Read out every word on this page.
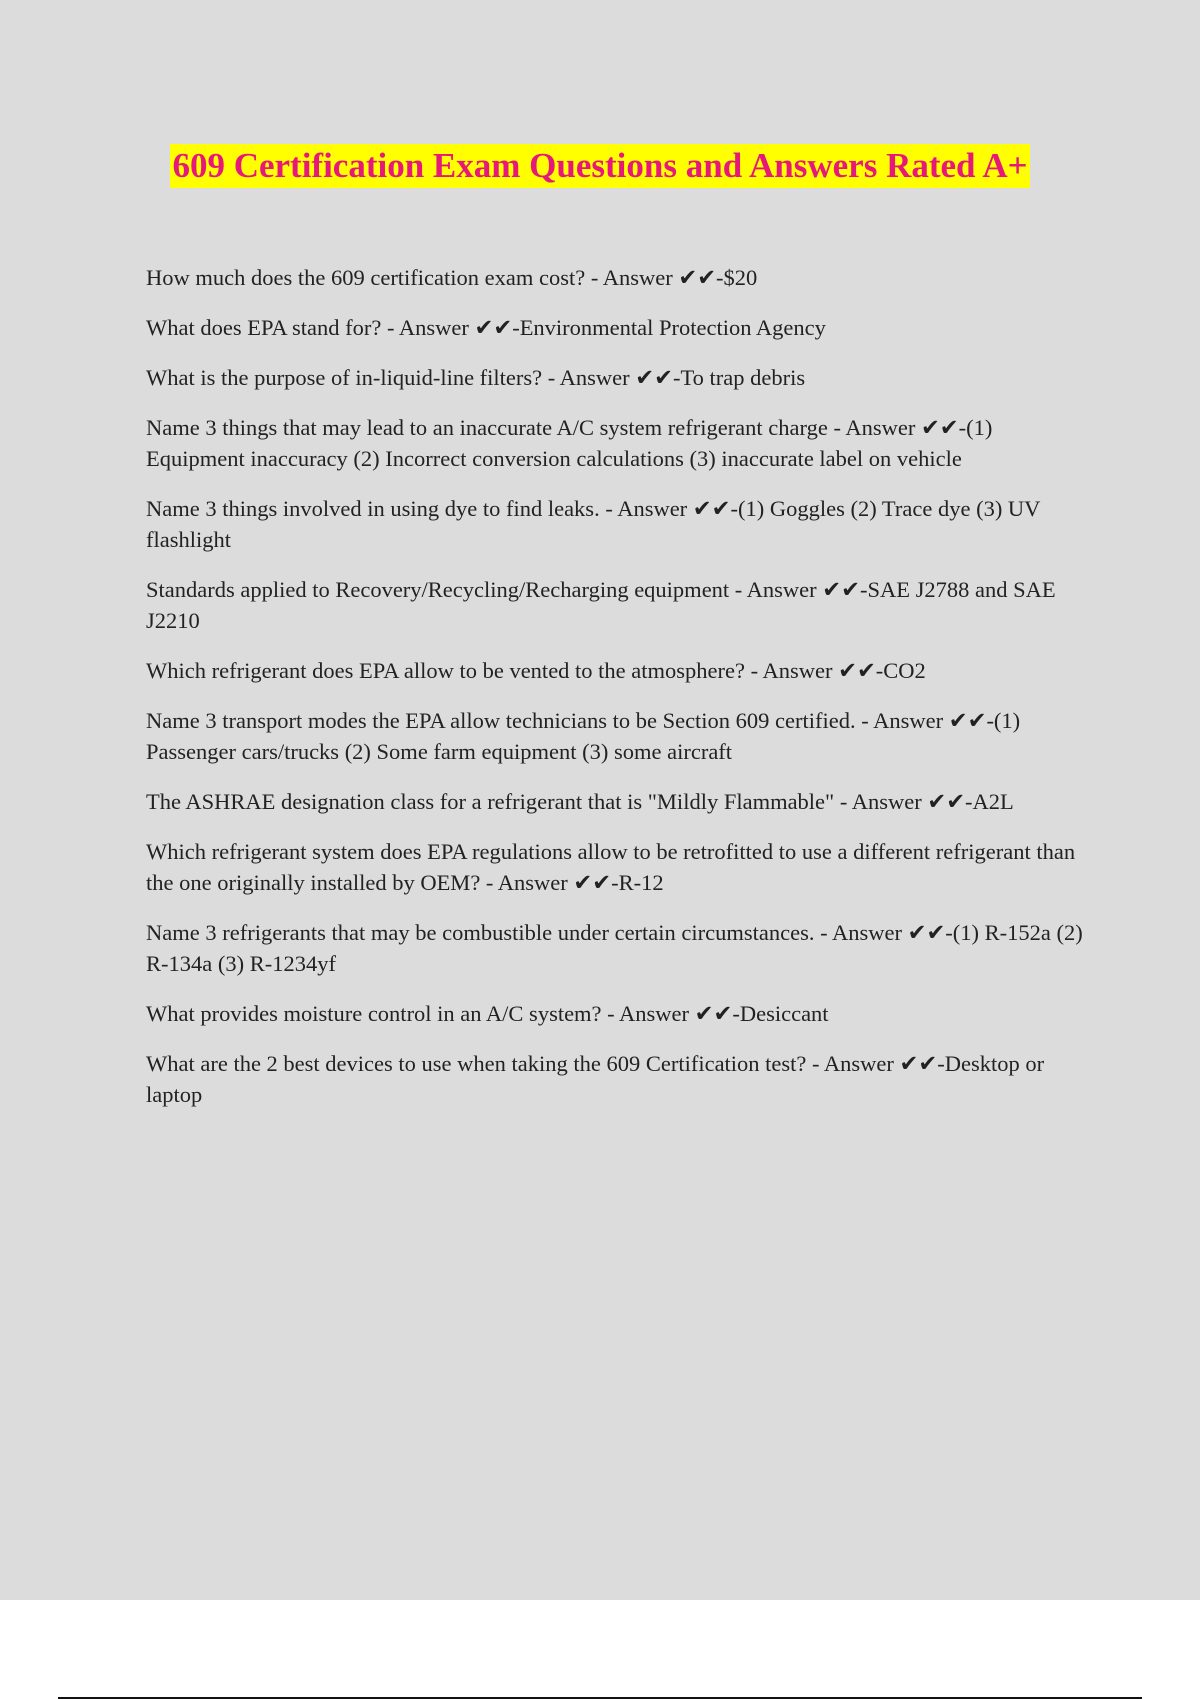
609 Certification Exam Questions and Answers Rated A+
How much does the 609 certification exam cost? - Answer ✔✔-$20
What does EPA stand for? - Answer ✔✔-Environmental Protection Agency
What is the purpose of in-liquid-line filters? - Answer ✔✔-To trap debris
Name 3 things that may lead to an inaccurate A/C system refrigerant charge - Answer ✔✔-(1) Equipment inaccuracy (2) Incorrect conversion calculations (3) inaccurate label on vehicle
Name 3 things involved in using dye to find leaks. - Answer ✔✔-(1) Goggles (2) Trace dye (3) UV flashlight
Standards applied to Recovery/Recycling/Recharging equipment - Answer ✔✔-SAE J2788 and SAE J2210
Which refrigerant does EPA allow to be vented to the atmosphere? - Answer ✔✔-CO2
Name 3 transport modes the EPA allow technicians to be Section 609 certified. - Answer ✔✔-(1) Passenger cars/trucks (2) Some farm equipment (3) some aircraft
The ASHRAE designation class for a refrigerant that is "Mildly Flammable" - Answer ✔✔-A2L
Which refrigerant system does EPA regulations allow to be retrofitted to use a different refrigerant than the one originally installed by OEM? - Answer ✔✔-R-12
Name 3 refrigerants that may be combustible under certain circumstances. - Answer ✔✔-(1) R-152a (2) R-134a (3) R-1234yf
What provides moisture control in an A/C system? - Answer ✔✔-Desiccant
What are the 2 best devices to use when taking the 609 Certification test? - Answer ✔✔-Desktop or laptop
